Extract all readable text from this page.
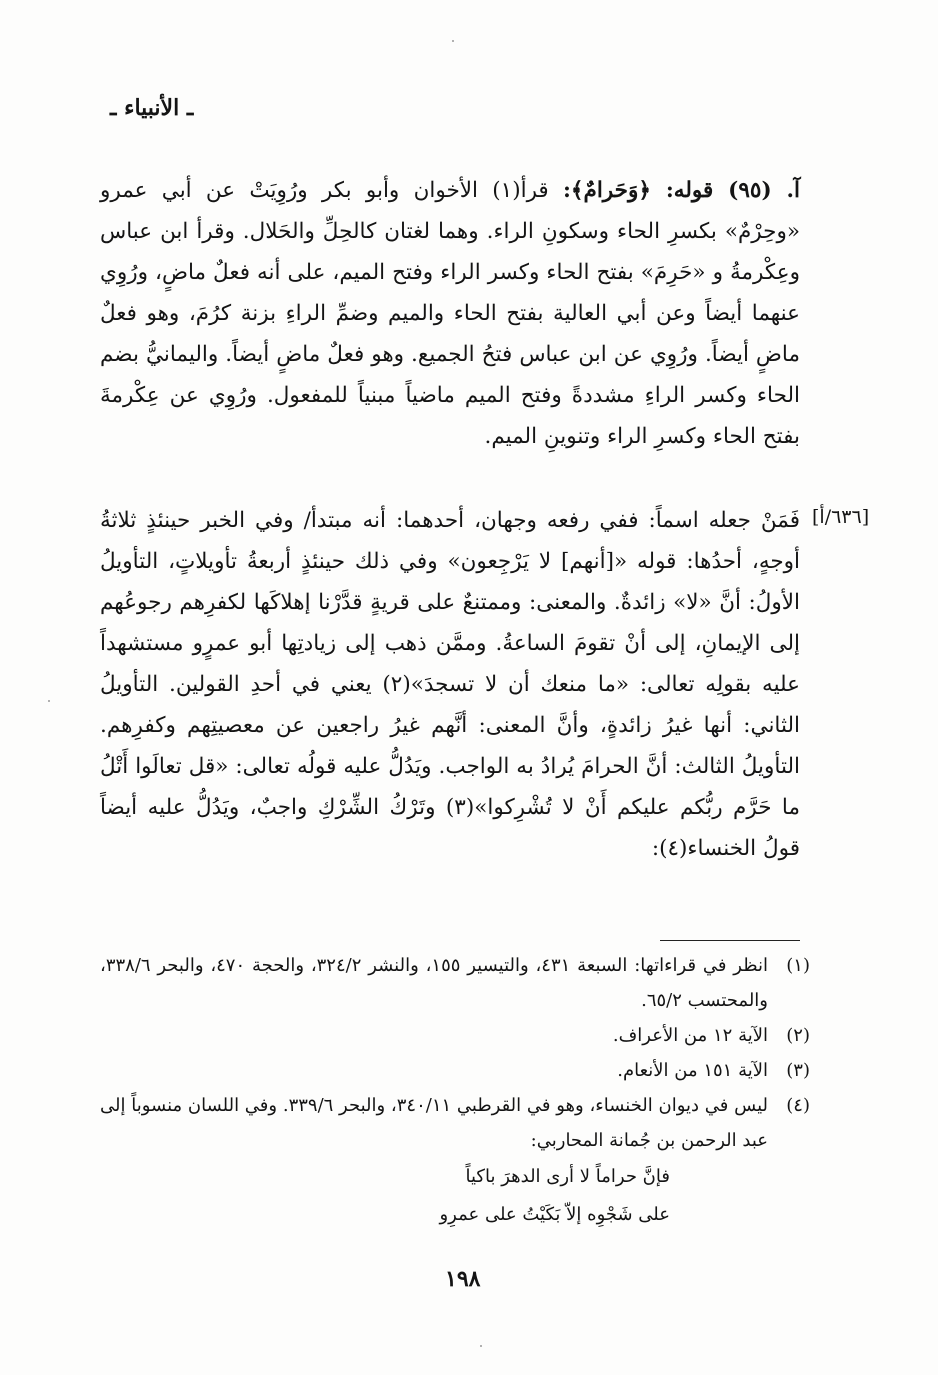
ـ الأنبياء ـ

آ. (٩٥) قوله: ﴿وَحَرامٌ﴾: قرأ(١) الأخوان وأبو بكر ورُوِيَتْ عن أبي عمرو «وحِرْمٌ» بكسرِ الحاء وسكونِ الراء. وهما لغتان كالحِلِّ والحَلال. وقرأ ابن عباس وعِكْرمةُ و «حَرِمَ» بفتح الحاء وكسر الراء وفتح الميم، على أنه فعلٌ ماضٍ، ورُوِي عنهما أيضاً وعن أبي العالية بفتح الحاء والميم وضمِّ الراءِ بزنة كرُمَ، وهو فعلٌ ماضٍ أيضاً. ورُوِي عن ابن عباس فتحُ الجميع. وهو فعلٌ ماضٍ أيضاً. واليمانيُّ بضم الحاء وكسر الراءِ مشددةً وفتح الميم ماضياً مبنياً للمفعول. ورُوِي عن عِكْرمةَ بفتح الحاء وكسرِ الراء وتنوينِ الميم.

[٦٣٦/أ]

فَمَنْ جعله اسماً: ففي رفعه وجهان، أحدهما: أنه مبتدأ/ وفي الخبر حينئذٍ ثلاثةُ أوجهٍ، أحدُها: قوله «[أنهم] لا يَرْجِعون» وفي ذلك حينئذٍ أربعةُ تأويلاتٍ، التأويلُ الأولُ: أنَّ «لا» زائدةٌ. والمعنى: وممتنعٌ على قريةٍ قدَّرْنا إهلاكَها لكفرِهم رجوعُهم إلى الإيمانِ، إلى أنْ تقومَ الساعةُ. وممَّن ذهب إلى زيادتِها أبو عمرٍو مستشهداً عليه بقولِه تعالى: «ما منعك أن لا تسجدَ»(٢) يعني في أحدِ القولين. التأويلُ الثاني: أنها غيرُ زائدةٍ، وأنَّ المعنى: أنَّهم غيرُ راجعين عن معصيتِهم وكفرِهم. التأويلُ الثالث: أنَّ الحرامَ يُرادُ به الواجب. ويَدُلُّ عليه قولُه تعالى: «قل تعالَوا أَتْلُ ما حَرَّم ربُّكم عليكم أَنْ لا تُشْرِكوا»(٣) وتَرْكُ الشِّرْكِ واجبٌ، ويَدُلُّ عليه أيضاً قولُ الخنساء(٤):

(١)
انظر في قراءاتها: السبعة ٤٣١، والتيسير ١٥٥، والنشر ٣٢٤/٢، والحجة ٤٧٠، والبحر ٣٣٨/٦، والمحتسب ٦٥/٢.
(٢)
الآية ١٢ من الأعراف.
(٣)
الآية ١٥١ من الأنعام.
(٤)
ليس في ديوان الخنساء، وهو في القرطبي ٣٤٠/١١، والبحر ٣٣٩/٦. وفي اللسان منسوباً إلى عبد الرحمن بن جُمانة المحاربي:
فإنَّ حراماً لا أرى الدهرَ باكياً
على شَجْوِه إلاّ بَكَيْتُ على عمرِو
١٩٨
